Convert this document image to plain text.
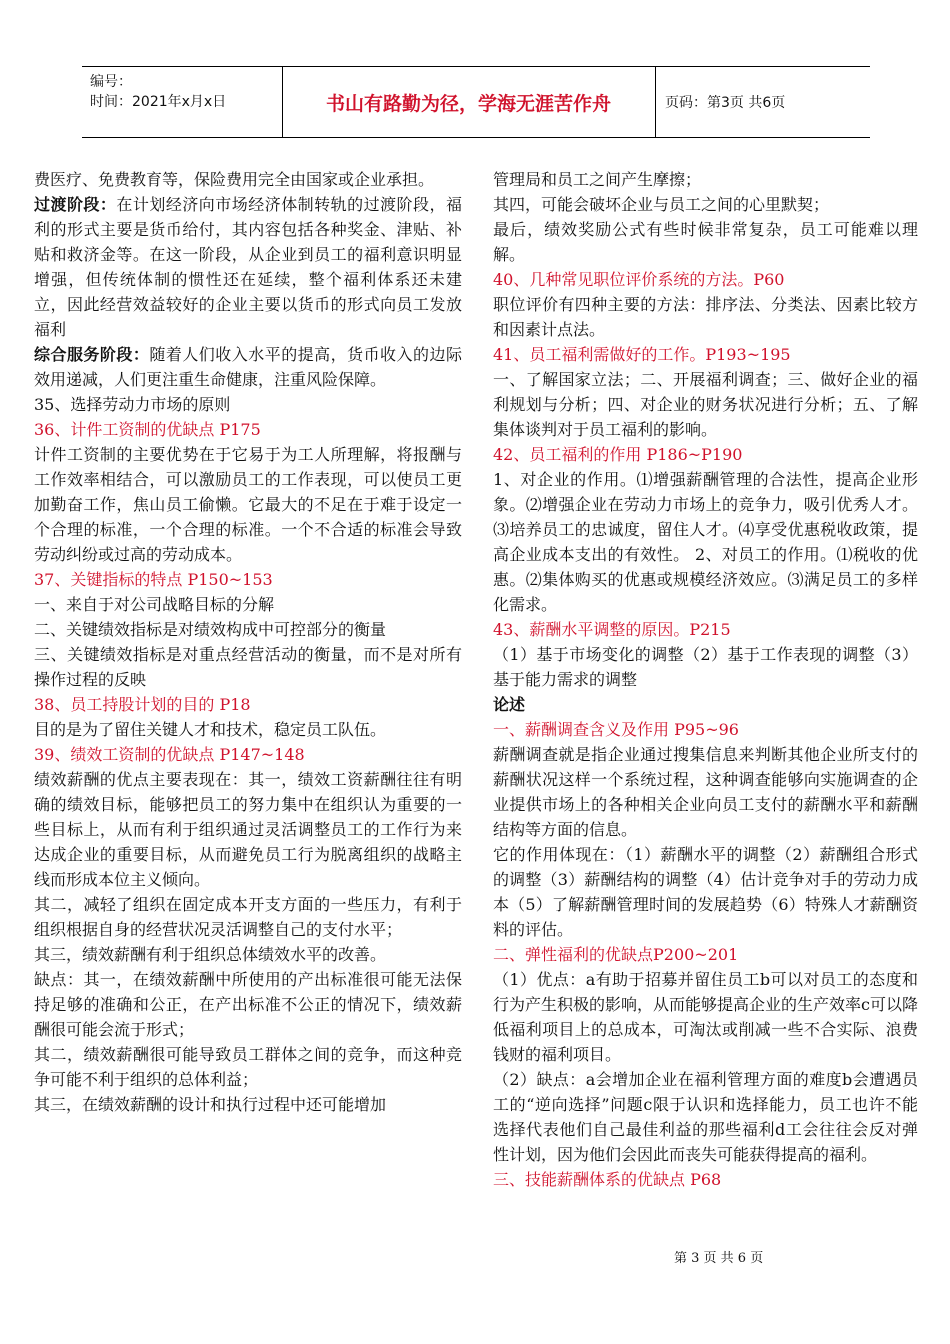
编号：
时间：2021年x月x日	书山有路勤为径，学海无涯苦作舟	页码：第3页 共6页

费医疗、免费教育等，保险费用完全由国家或企业承担。

过渡阶段：在计划经济向市场经济体制转轨的过渡阶段，福利的形式主要是货币给付，其内容包括各种奖金、津贴、补贴和救济金等。在这一阶段，从企业到员工的福利意识明显增强，但传统体制的惯性还在延续，整个福利体系还未建立，因此经营效益较好的企业主要以货币的形式向员工发放福利

综合服务阶段：随着人们收入水平的提高，货币收入的边际效用递减，人们更注重生命健康，注重风险保障。

35、选择劳动力市场的原则

36、计件工资制的优缺点 P175

计件工资制的主要优势在于它易于为工人所理解，将报酬与工作效率相结合，可以激励员工的工作表现，可以使员工更加勤奋工作，焦山员工偷懒。它最大的不足在于难于设定一个合理的标准，一个合理的标准。一个不合适的标准会导致劳动纠纷或过高的劳动成本。

37、关键指标的特点 P150~153

一、来自于对公司战略目标的分解

二、关键绩效指标是对绩效构成中可控部分的衡量

三、关键绩效指标是对重点经营活动的衡量，而不是对所有操作过程的反映

38、员工持股计划的目的 P18

目的是为了留住关键人才和技术，稳定员工队伍。

39、绩效工资制的优缺点 P147~148

绩效薪酬的优点主要表现在：其一，绩效工资薪酬往往有明确的绩效目标，能够把员工的努力集中在组织认为重要的一些目标上，从而有利于组织通过灵活调整员工的工作行为来达成企业的重要目标，从而避免员工行为脱离组织的战略主线而形成本位主义倾向。

其二，减轻了组织在固定成本开支方面的一些压力，有利于组织根据自身的经营状况灵活调整自己的支付水平；

其三，绩效薪酬有利于组织总体绩效水平的改善。

缺点：其一，在绩效薪酬中所使用的产出标准很可能无法保持足够的准确和公正，在产出标准不公正的情况下，绩效薪酬很可能会流于形式；

其二，绩效薪酬很可能导致员工群体之间的竞争，而这种竞争可能不利于组织的总体利益；

其三，在绩效薪酬的设计和执行过程中还可能增加

管理局和员工之间产生摩擦；

其四，可能会破坏企业与员工之间的心里默契；

最后，绩效奖励公式有些时候非常复杂，员工可能难以理解。

40、几种常见职位评价系统的方法。P60

职位评价有四种主要的方法：排序法、分类法、因素比较方和因素计点法。

41、员工福利需做好的工作。P193~195

一、了解国家立法；二、开展福利调查；三、做好企业的福利规划与分析；四、对企业的财务状况进行分析；五、了解集体谈判对于员工福利的影响。

42、员工福利的作用 P186~P190

1、对企业的作用。⑴增强薪酬管理的合法性，提高企业形象。⑵增强企业在劳动力市场上的竞争力，吸引优秀人才。⑶培养员工的忠诚度，留住人才。⑷享受优惠税收政策，提高企业成本支出的有效性。 2、对员工的作用。⑴税收的优惠。⑵集体购买的优惠或规模经济效应。⑶满足员工的多样化需求。

43、薪酬水平调整的原因。P215

（1）基于市场变化的调整（2）基于工作表现的调整（3）基于能力需求的调整

论述

一、薪酬调查含义及作用 P95~96

薪酬调查就是指企业通过搜集信息来判断其他企业所支付的薪酬状况这样一个系统过程，这种调查能够向实施调查的企业提供市场上的各种相关企业向员工支付的薪酬水平和薪酬结构等方面的信息。

它的作用体现在：（1）薪酬水平的调整（2）薪酬组合形式的调整（3）薪酬结构的调整（4）估计竞争对手的劳动力成本（5）了解薪酬管理时间的发展趋势（6）特殊人才薪酬资料的评估。

二、弹性福利的优缺点P200~201

（1）优点：a有助于招募并留住员工b可以对员工的态度和行为产生积极的影响，从而能够提高企业的生产效率c可以降低福利项目上的总成本，可淘汰或削减一些不合实际、浪费钱财的福利项目。

（2）缺点：a会增加企业在福利管理方面的难度b会遭遇员工的“逆向选择”问题c限于认识和选择能力，员工也许不能选择代表他们自己最佳利益的那些福利d工会往往会反对弹性计划，因为他们会因此而丧失可能获得提高的福利。

三、技能薪酬体系的优缺点 P68

第 3 页 共 6 页
